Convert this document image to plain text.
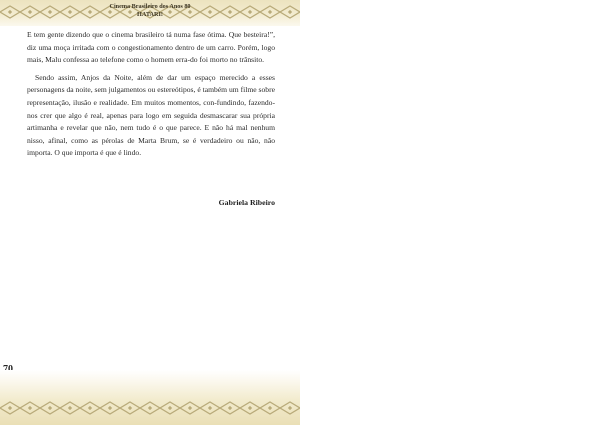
Cinema Brasileiro dos Anos 80
HATARI!

E tem gente dizendo que o cinema brasileiro tá numa fase ótima. Que besteira!”, diz uma moça irritada com o congestionamento dentro de um carro. Porém, logo mais, Malu confessa ao telefone como o homem erra-do foi morto no trânsito.

Sendo assim, Anjos da Noite, além de dar um espaço merecido a esses personagens da noite, sem julgamentos ou estereótipos, é também um filme sobre representação, ilusão e realidade. Em muitos momentos, con-fundindo, fazendo-nos crer que algo é real, apenas para logo em seguida desmascarar sua própria artimanha e revelar que não, nem tudo é o que parece. E não há mal nenhum nisso, afinal, como as pérolas de Marta Brum, se é verdadeiro ou não, não importa. O que importa é que é lindo.

Gabriela Ribeiro
